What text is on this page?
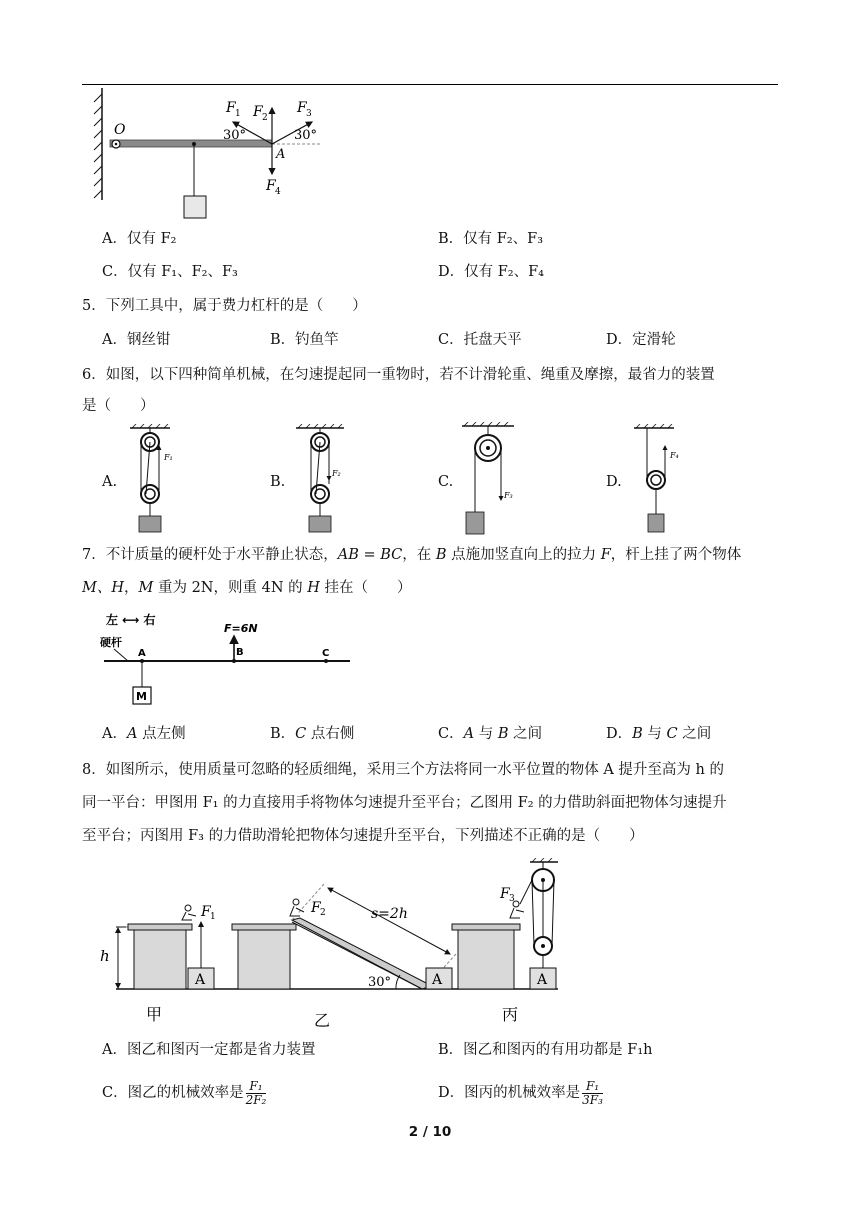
O
A
F 1 F 2
F 3
F 4
30°	30°
A．仅有 F₂	B．仅有 F₂、F₃
C．仅有 F₁、F₂、F₃	D．仅有 F₂、F₄
5．下列工具中，属于费力杠杆的是（　　）
A．钢丝钳	B．钓鱼竿	C．托盘天平	D．定滑轮
6．如图，以下四种简单机械，在匀速提起同一重物时，若不计滑轮重、绳重及摩擦，最省力的装置
是（　　）
A.	B.	C.	D.
F₁
F₂
F₃
F₄
7．不计质量的硬杆处于水平静止状态，AB = BC，在 B 点施加竖直向上的拉力 F，杆上挂了两个物体
M、H，M 重为 2N，则重 4N 的 H 挂在（　　）
左 ⟷ 右
硬杆
A	B	C
F=6N
M
A．A 点左侧	B．C 点右侧	C．A 与 B 之间	D．B 与 C 之间
8．如图所示，使用质量可忽略的轻质细绳，采用三个方法将同一水平位置的物体 A 提升至高为 h 的
同一平台：甲图用 F₁ 的力直接用手将物体匀速提升至平台；乙图用 F₂ 的力借助斜面把物体匀速提升
至平台；丙图用 F₃ 的力借助滑轮把物体匀速提升至平台，下列描述不正确的是（　　）
h
A
F 1	s=2h
F 2
30°	A	A
F 3
甲	乙	丙
A．图乙和图丙一定都是省力装置	B．图乙和图丙的有用功都是 F₁h
C．图乙的机械效率是 $\frac{\text{F₁}}{\text{2F₂}}$	D．图丙的机械效率是 $\frac{\text{F₁}}{\text{3F₃}}$
2 / 10
